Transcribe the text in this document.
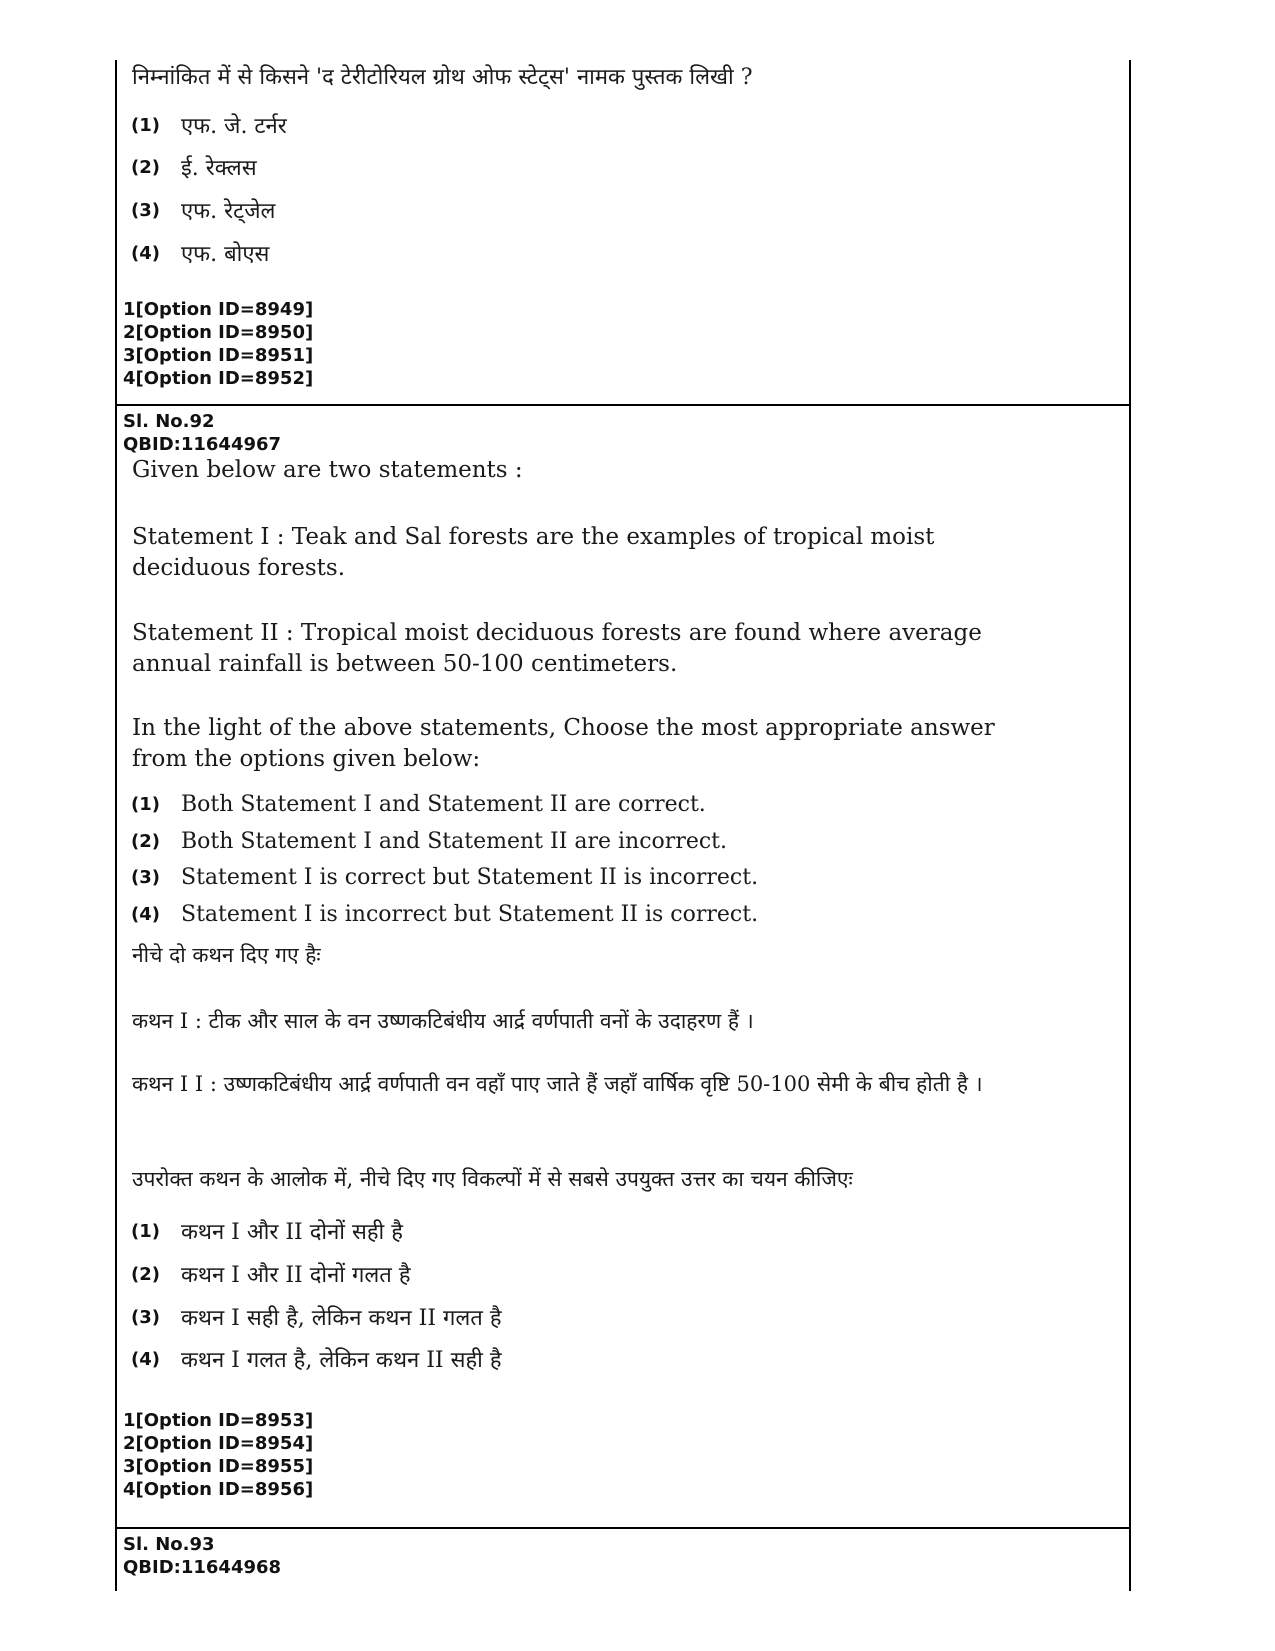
निम्नांकित में से किसने 'द टेरीटोरियल ग्रोथ ओफ स्टेट्स' नामक पुस्तक लिखी ?
(1) एफ. जे. टर्नर
(2) ई. रेक्लस
(3) एफ. रेट्जेल
(4) एफ. बोएस
1[Option ID=8949]
2[Option ID=8950]
3[Option ID=8951]
4[Option ID=8952]
Sl. No.92
QBID:11644967
Given below are two statements :
Statement I : Teak and Sal forests are the examples of tropical moist deciduous forests.
Statement II : Tropical moist deciduous forests are found where average annual rainfall is between 50-100 centimeters.
In the light of the above statements, Choose the most appropriate answer from the options given below:
(1) Both Statement I and Statement II are correct.
(2) Both Statement I and Statement II are incorrect.
(3) Statement I is correct but Statement II is incorrect.
(4) Statement I is incorrect but Statement II is correct.
नीचे दो कथन दिए गए हैः
कथन I : टीक और साल के वन उष्णकटिबंधीय आर्द्र वर्णपाती वनों के उदाहरण हैं ।
कथन I I : उष्णकटिबंधीय आर्द्र वर्णपाती वन वहाँ पाए जाते हैं जहाँ वार्षिक वृष्टि 50-100 सेमी के बीच होती है ।
उपरोक्त कथन के आलोक में, नीचे दिए गए विकल्पों में से सबसे उपयुक्त उत्तर का चयन कीजिएः
(1) कथन I और II दोनों सही है
(2) कथन I और II दोनों गलत है
(3) कथन I सही है, लेकिन कथन II गलत है
(4) कथन I गलत है, लेकिन कथन II सही है
1[Option ID=8953]
2[Option ID=8954]
3[Option ID=8955]
4[Option ID=8956]
Sl. No.93
QBID:11644968
